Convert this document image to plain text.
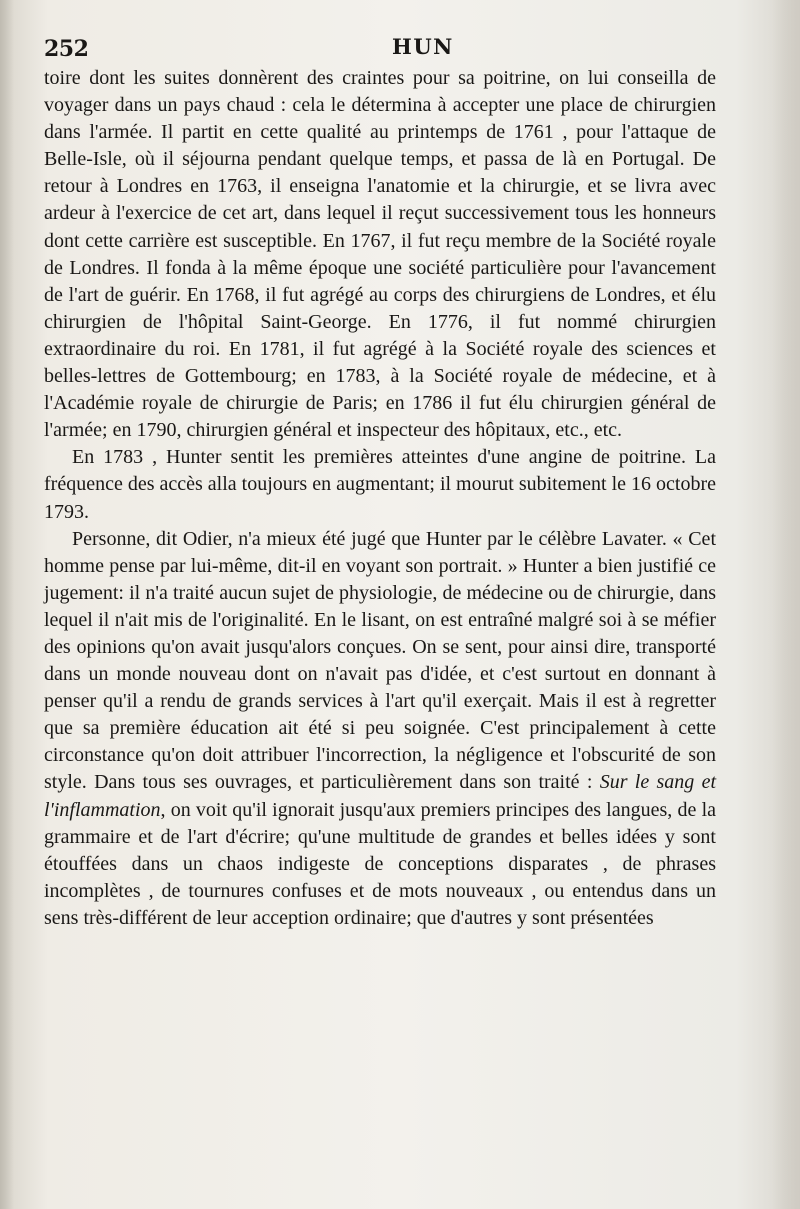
252	HUN

toire dont les suites donnèrent des craintes pour sa poitrine, on lui conseilla de voyager dans un pays chaud : cela le détermina à accepter une place de chirurgien dans l'armée. Il partit en cette qualité au printemps de 1761 , pour l'attaque de Belle-Isle, où il séjourna pendant quelque temps, et passa de là en Portugal. De retour à Londres en 1763, il enseigna l'anatomie et la chirurgie, et se livra avec ardeur à l'exercice de cet art, dans lequel il reçut successivement tous les honneurs dont cette carrière est susceptible. En 1767, il fut reçu membre de la Société royale de Londres. Il fonda à la même époque une société particulière pour l'avancement de l'art de guérir. En 1768, il fut agrégé au corps des chirurgiens de Londres, et élu chirurgien de l'hôpital Saint-George. En 1776, il fut nommé chirurgien extraordinaire du roi. En 1781, il fut agrégé à la Société royale des sciences et belles-lettres de Gottembourg; en 1783, à la Société royale de médecine, et à l'Académie royale de chirurgie de Paris; en 1786 il fut élu chirurgien général de l'armée; en 1790, chirurgien général et inspecteur des hôpitaux, etc., etc.

En 1783 , Hunter sentit les premières atteintes d'une angine de poitrine. La fréquence des accès alla toujours en augmentant; il mourut subitement le 16 octobre 1793.

Personne, dit Odier, n'a mieux été jugé que Hunter par le célèbre Lavater. « Cet homme pense par lui-même, dit-il en voyant son portrait. » Hunter a bien justifié ce jugement: il n'a traité aucun sujet de physiologie, de médecine ou de chirurgie, dans lequel il n'ait mis de l'originalité. En le lisant, on est entraîné malgré soi à se méfier des opinions qu'on avait jusqu'alors conçues. On se sent, pour ainsi dire, transporté dans un monde nouveau dont on n'avait pas d'idée, et c'est surtout en donnant à penser qu'il a rendu de grands services à l'art qu'il exerçait. Mais il est à regretter que sa première éducation ait été si peu soignée. C'est principalement à cette circonstance qu'on doit attribuer l'incorrection, la négligence et l'obscurité de son style. Dans tous ses ouvrages, et particulièrement dans son traité : Sur le sang et l'inflammation, on voit qu'il ignorait jusqu'aux premiers principes des langues, de la grammaire et de l'art d'écrire; qu'une multitude de grandes et belles idées y sont étouffées dans un chaos indigeste de conceptions disparates , de phrases incomplètes , de tournures confuses et de mots nouveaux , ou entendus dans un sens très-différent de leur acception ordinaire; que d'autres y sont présentées
